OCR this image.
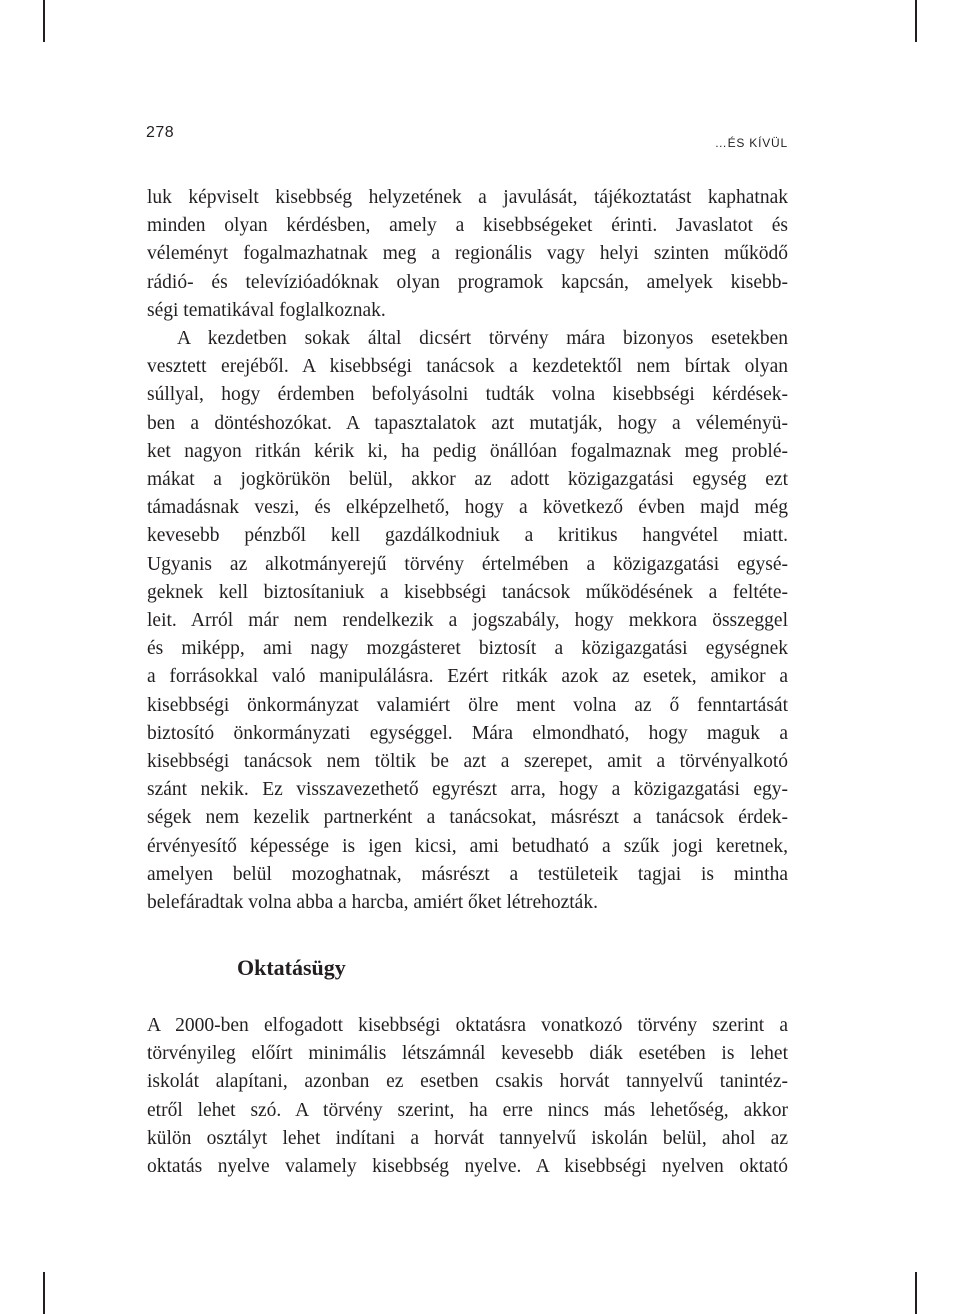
278
…ÉS KÍVÜL
luk képviselt kisebbség helyzetének a javulását, tájékoztatást kaphatnak
minden olyan kérdésben, amely a kisebbségeket érinti. Javaslatot és
véleményt fogalmazhatnak meg a regionális vagy helyi szinten működő
rádió- és televízióadóknak olyan programok kapcsán, amelyek kisebb-
ségi tematikával foglalkoznak.
A kezdetben sokak által dicsért törvény mára bizonyos esetekben
vesztett erejéből. A kisebbségi tanácsok a kezdetektől nem bírtak olyan
súllyal, hogy érdemben befolyásolni tudták volna kisebbségi kérdések-
ben a döntéshozókat. A tapasztalatok azt mutatják, hogy a véleményü-
ket nagyon ritkán kérik ki, ha pedig önállóan fogalmaznak meg problé-
mákat a jogkörükön belül, akkor az adott közigazgatási egység ezt
támadásnak veszi, és elképzelhető, hogy a következő évben majd még
kevesebb pénzből kell gazdálkodniuk a kritikus hangvétel miatt.
Ugyanis az alkotmányerejű törvény értelmében a közigazgatási egysé-
geknek kell biztosítaniuk a kisebbségi tanácsok működésének a feltéte-
leit. Arról már nem rendelkezik a jogszabály, hogy mekkora összeggel
és miképp, ami nagy mozgásteret biztosít a közigazgatási egységnek
a forrásokkal való manipulálásra. Ezért ritkák azok az esetek, amikor a
kisebbségi önkormányzat valamiért ölre ment volna az ő fenntartását
biztosító önkormányzati egységgel. Mára elmondható, hogy maguk a
kisebbségi tanácsok nem töltik be azt a szerepet, amit a törvényalkotó
szánt nekik. Ez visszavezethető egyrészt arra, hogy a közigazgatási egy-
ségek nem kezelik partnerként a tanácsokat, másrészt a tanácsok érdek-
érvényesítő képessége is igen kicsi, ami betudható a szűk jogi keretnek,
amelyen belül mozoghatnak, másrészt a testületeik tagjai is mintha
belefáradtak volna abba a harcba, amiért őket létrehozták.
Oktatásügy
A 2000-ben elfogadott kisebbségi oktatásra vonatkozó törvény szerint a
törvényileg előírt minimális létszámnál kevesebb diák esetében is lehet
iskolát alapítani, azonban ez esetben csakis horvát tannyelvű tanintéz-
etről lehet szó. A törvény szerint, ha erre nincs más lehetőség, akkor
külön osztályt lehet indítani a horvát tannyelvű iskolán belül, ahol az
oktatás nyelve valamely kisebbség nyelve. A kisebbségi nyelven oktató
